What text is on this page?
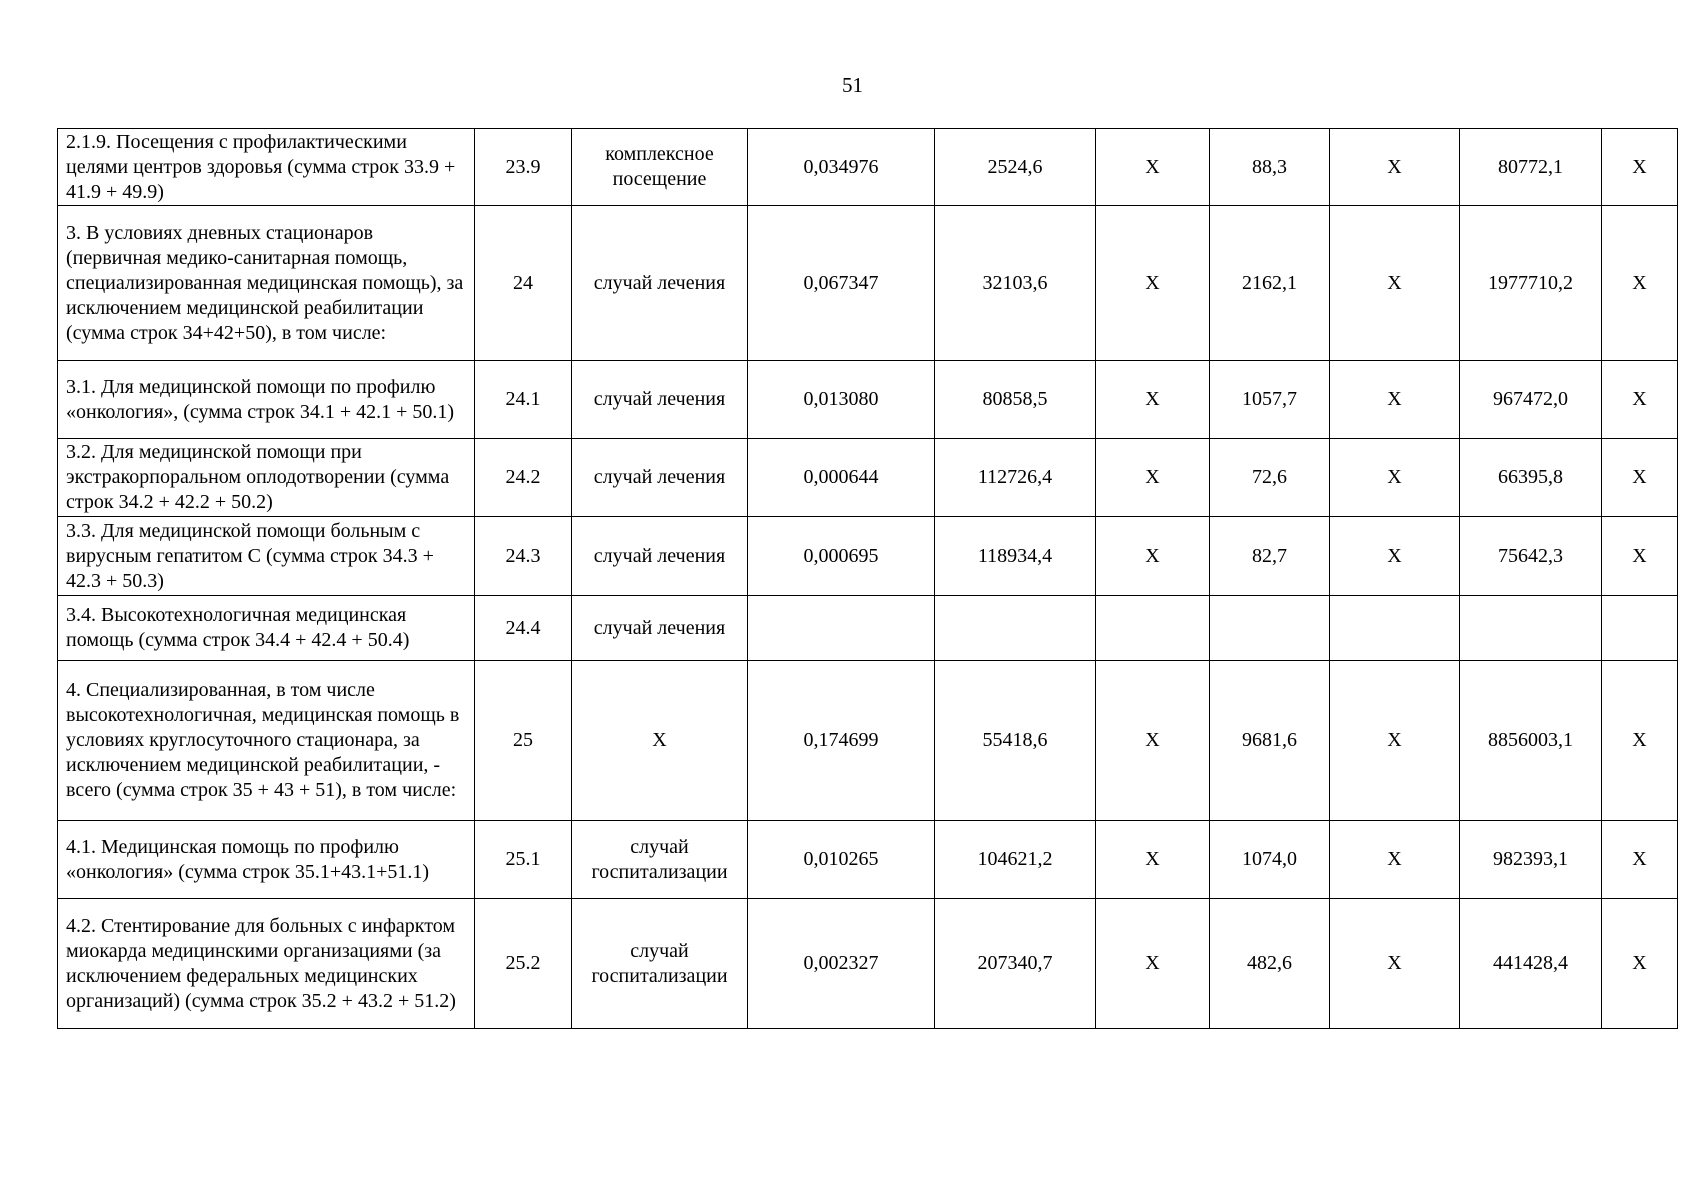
51
2.1.9. Посещения с профилактическими целями центров здоровья (сумма строк 33.9 + 41.9 + 49.9)	23.9	комплексное посещение	0,034976	2524,6	X	88,3	X	80772,1	X
3. В условиях дневных стационаров (первичная медико-санитарная помощь, специализированная медицинская помощь), за исключением медицинской реабилитации (сумма строк 34+42+50), в том числе:	24	случай лечения	0,067347	32103,6	X	2162,1	X	1977710,2	X
3.1. Для медицинской помощи по профилю «онкология», (сумма строк 34.1 + 42.1 + 50.1)	24.1	случай лечения	0,013080	80858,5	X	1057,7	X	967472,0	X
3.2. Для медицинской помощи при экстракорпоральном оплодотворении (сумма строк 34.2 + 42.2 + 50.2)	24.2	случай лечения	0,000644	112726,4	X	72,6	X	66395,8	X
3.3. Для медицинской помощи больным с вирусным гепатитом С (сумма строк 34.3 + 42.3 + 50.3)	24.3	случай лечения	0,000695	118934,4	X	82,7	X	75642,3	X
3.4. Высокотехнологичная медицинская помощь (сумма строк 34.4 + 42.4 + 50.4)	24.4	случай лечения							
4. Специализированная, в том числе высокотехнологичная, медицинская помощь в условиях круглосуточного стационара, за исключением медицинской реабилитации, - всего (сумма строк 35 + 43 + 51), в том числе:	25	X	0,174699	55418,6	X	9681,6	X	8856003,1	X
4.1. Медицинская помощь по профилю «онкология» (сумма строк 35.1+43.1+51.1)	25.1	случай госпитализации	0,010265	104621,2	X	1074,0	X	982393,1	X
4.2. Стентирование для больных с инфарктом миокарда медицинскими организациями (за исключением федеральных медицинских организаций) (сумма строк 35.2 + 43.2 + 51.2)	25.2	случай госпитализации	0,002327	207340,7	X	482,6	X	441428,4	X
